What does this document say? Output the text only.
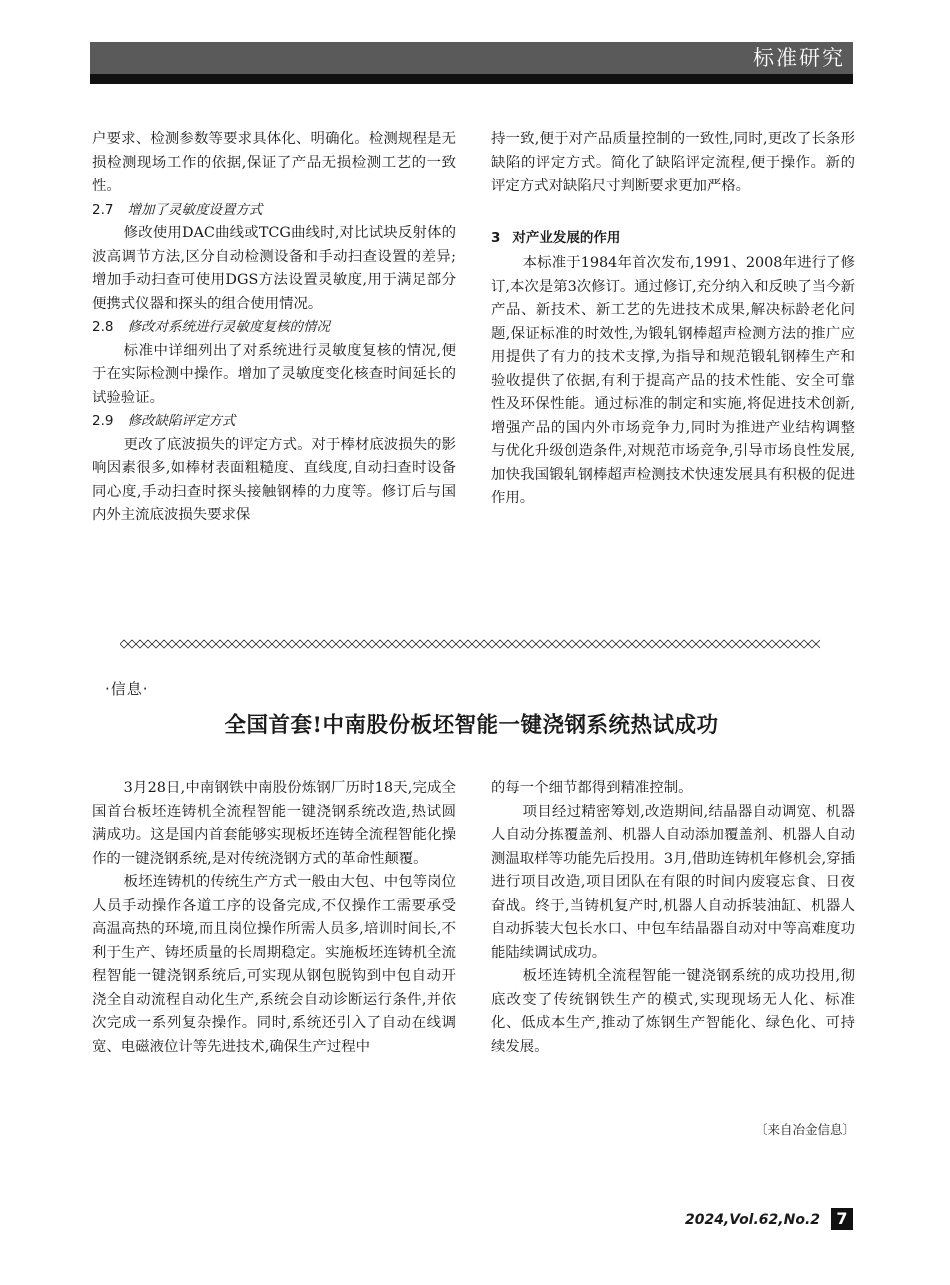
标准研究

户要求、检测参数等要求具体化、明确化。检测规程是无损检测现场工作的依据,保证了产品无损检测工艺的一致性。

2.7 增加了灵敏度设置方式

修改使用DAC曲线或TCG曲线时,对比试块反射体的波高调节方法,区分自动检测设备和手动扫查设置的差异;增加手动扫查可使用DGS方法设置灵敏度,用于满足部分便携式仪器和探头的组合使用情况。

2.8 修改对系统进行灵敏度复核的情况

标准中详细列出了对系统进行灵敏度复核的情况,便于在实际检测中操作。增加了灵敏度变化核查时间延长的试验验证。

2.9 修改缺陷评定方式

更改了底波损失的评定方式。对于棒材底波损失的影响因素很多,如棒材表面粗糙度、直线度,自动扫查时设备同心度,手动扫查时探头接触钢棒的力度等。修订后与国内外主流底波损失要求保

持一致,便于对产品质量控制的一致性,同时,更改了长条形缺陷的评定方式。简化了缺陷评定流程,便于操作。新的评定方式对缺陷尺寸判断要求更加严格。

3 对产业发展的作用

本标准于1984年首次发布,1991、2008年进行了修订,本次是第3次修订。通过修订,充分纳入和反映了当今新产品、新技术、新工艺的先进技术成果,解决标龄老化问题,保证标准的时效性,为锻轧钢棒超声检测方法的推广应用提供了有力的技术支撑,为指导和规范锻轧钢棒生产和验收提供了依据,有利于提高产品的技术性能、安全可靠性及环保性能。通过标准的制定和实施,将促进技术创新,增强产品的国内外市场竞争力,同时为推进产业结构调整与优化升级创造条件,对规范市场竞争,引导市场良性发展,加快我国锻轧钢棒超声检测技术快速发展具有积极的促进作用。

·信息·
全国首套!中南股份板坯智能一键浇钢系统热试成功

3月28日,中南钢铁中南股份炼钢厂历时18天,完成全国首台板坯连铸机全流程智能一键浇钢系统改造,热试圆满成功。这是国内首套能够实现板坯连铸全流程智能化操作的一键浇钢系统,是对传统浇钢方式的革命性颠覆。

板坯连铸机的传统生产方式一般由大包、中包等岗位人员手动操作各道工序的设备完成,不仅操作工需要承受高温高热的环境,而且岗位操作所需人员多,培训时间长,不利于生产、铸坯质量的长周期稳定。实施板坯连铸机全流程智能一键浇钢系统后,可实现从钢包脱钩到中包自动开浇全自动流程自动化生产,系统会自动诊断运行条件,并依次完成一系列复杂操作。同时,系统还引入了自动在线调宽、电磁液位计等先进技术,确保生产过程中

的每一个细节都得到精准控制。

项目经过精密筹划,改造期间,结晶器自动调宽、机器人自动分拣覆盖剂、机器人自动添加覆盖剂、机器人自动测温取样等功能先后投用。3月,借助连铸机年修机会,穿插进行项目改造,项目团队在有限的时间内废寝忘食、日夜奋战。终于,当铸机复产时,机器人自动拆装油缸、机器人自动拆装大包长水口、中包车结晶器自动对中等高难度功能陆续调试成功。

板坯连铸机全流程智能一键浇钢系统的成功投用,彻底改变了传统钢铁生产的模式,实现现场无人化、标准化、低成本生产,推动了炼钢生产智能化、绿色化、可持续发展。

〔来自冶金信息〕
2024,Vol.62,No.2	7
